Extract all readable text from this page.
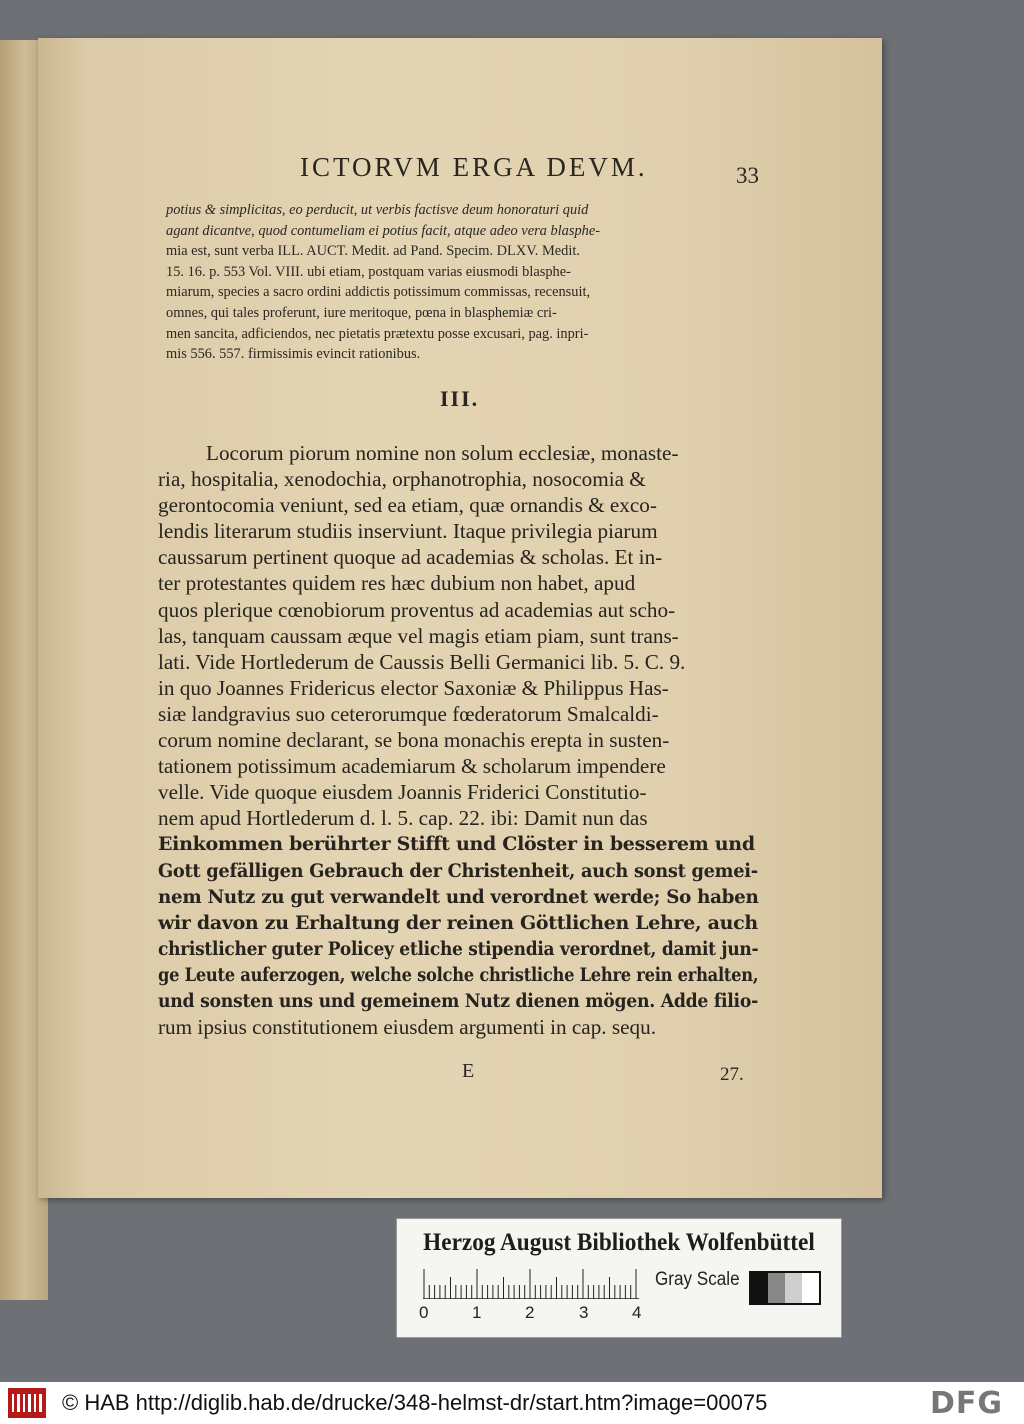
ICTORVM ERGA DEVM.	33
potius & simplicitas, eo perducit, ut verbis factisve deum honoraturi quid
agant dicantve, quod contumeliam ei potius facit, atque adeo vera blasphe-
mia est, sunt verba ILL. AUCT. Medit. ad Pand. Specim. DLXV. Medit.
15. 16. p. 553 Vol. VIII. ubi etiam, postquam varias eiusmodi blasphe-
miarum, species a sacro ordini addictis potissimum commissas, recensuit,
omnes, qui tales proferunt, iure meritoque, pœna in blasphemiæ cri-
men sancita, adficiendos, nec pietatis prætextu posse excusari, pag. inpri-
mis 556. 557. firmissimis evincit rationibus.
III.
Locorum piorum nomine non solum ecclesiæ, monaste-
ria, hospitalia, xenodochia, orphanotrophia, nosocomia &
gerontocomia veniunt, sed ea etiam, quæ ornandis & exco-
lendis literarum studiis inserviunt. Itaque privilegia piarum
caussarum pertinent quoque ad academias & scholas. Et in-
ter protestantes quidem res hæc dubium non habet, apud
quos plerique cœnobiorum proventus ad academias aut scho-
las, tanquam caussam æque vel magis etiam piam, sunt trans-
lati. Vide Hortlederum de Caussis Belli Germanici lib. 5. C. 9.
in quo Joannes Fridericus elector Saxoniæ & Philippus Has-
siæ landgravius suo ceterorumque fœderatorum Smalcaldi-
corum nomine declarant, se bona monachis erepta in susten-
tationem potissimum academiarum & scholarum impendere
velle. Vide quoque eiusdem Joannis Friderici Constitutio-
nem apud Hortlederum d. l. 5. cap. 22. ibi: Damit nun das
Einkommen berührter Stifft und Clöster in besserem und
Gott gefälligen Gebrauch der Christenheit, auch sonst gemei-
nem Nutz zu gut verwandelt und verordnet werde; So haben
wir davon zu Erhaltung der reinen Göttlichen Lehre, auch
christlicher guter Policey etliche stipendia verordnet, damit jun-
ge Leute auferzogen, welche solche christliche Lehre rein erhalten,
und sonsten uns und gemeinem Nutz dienen mögen. Adde filio-
rum ipsius constitutionem eiusdem argumenti in cap. sequ.
E	27.
Herzog August Bibliothek Wolfenbüttel
0	1	2	3	4
Gray Scale
© HAB http://diglib.hab.de/drucke/348-helmst-dr/start.htm?image=00075	DFG
